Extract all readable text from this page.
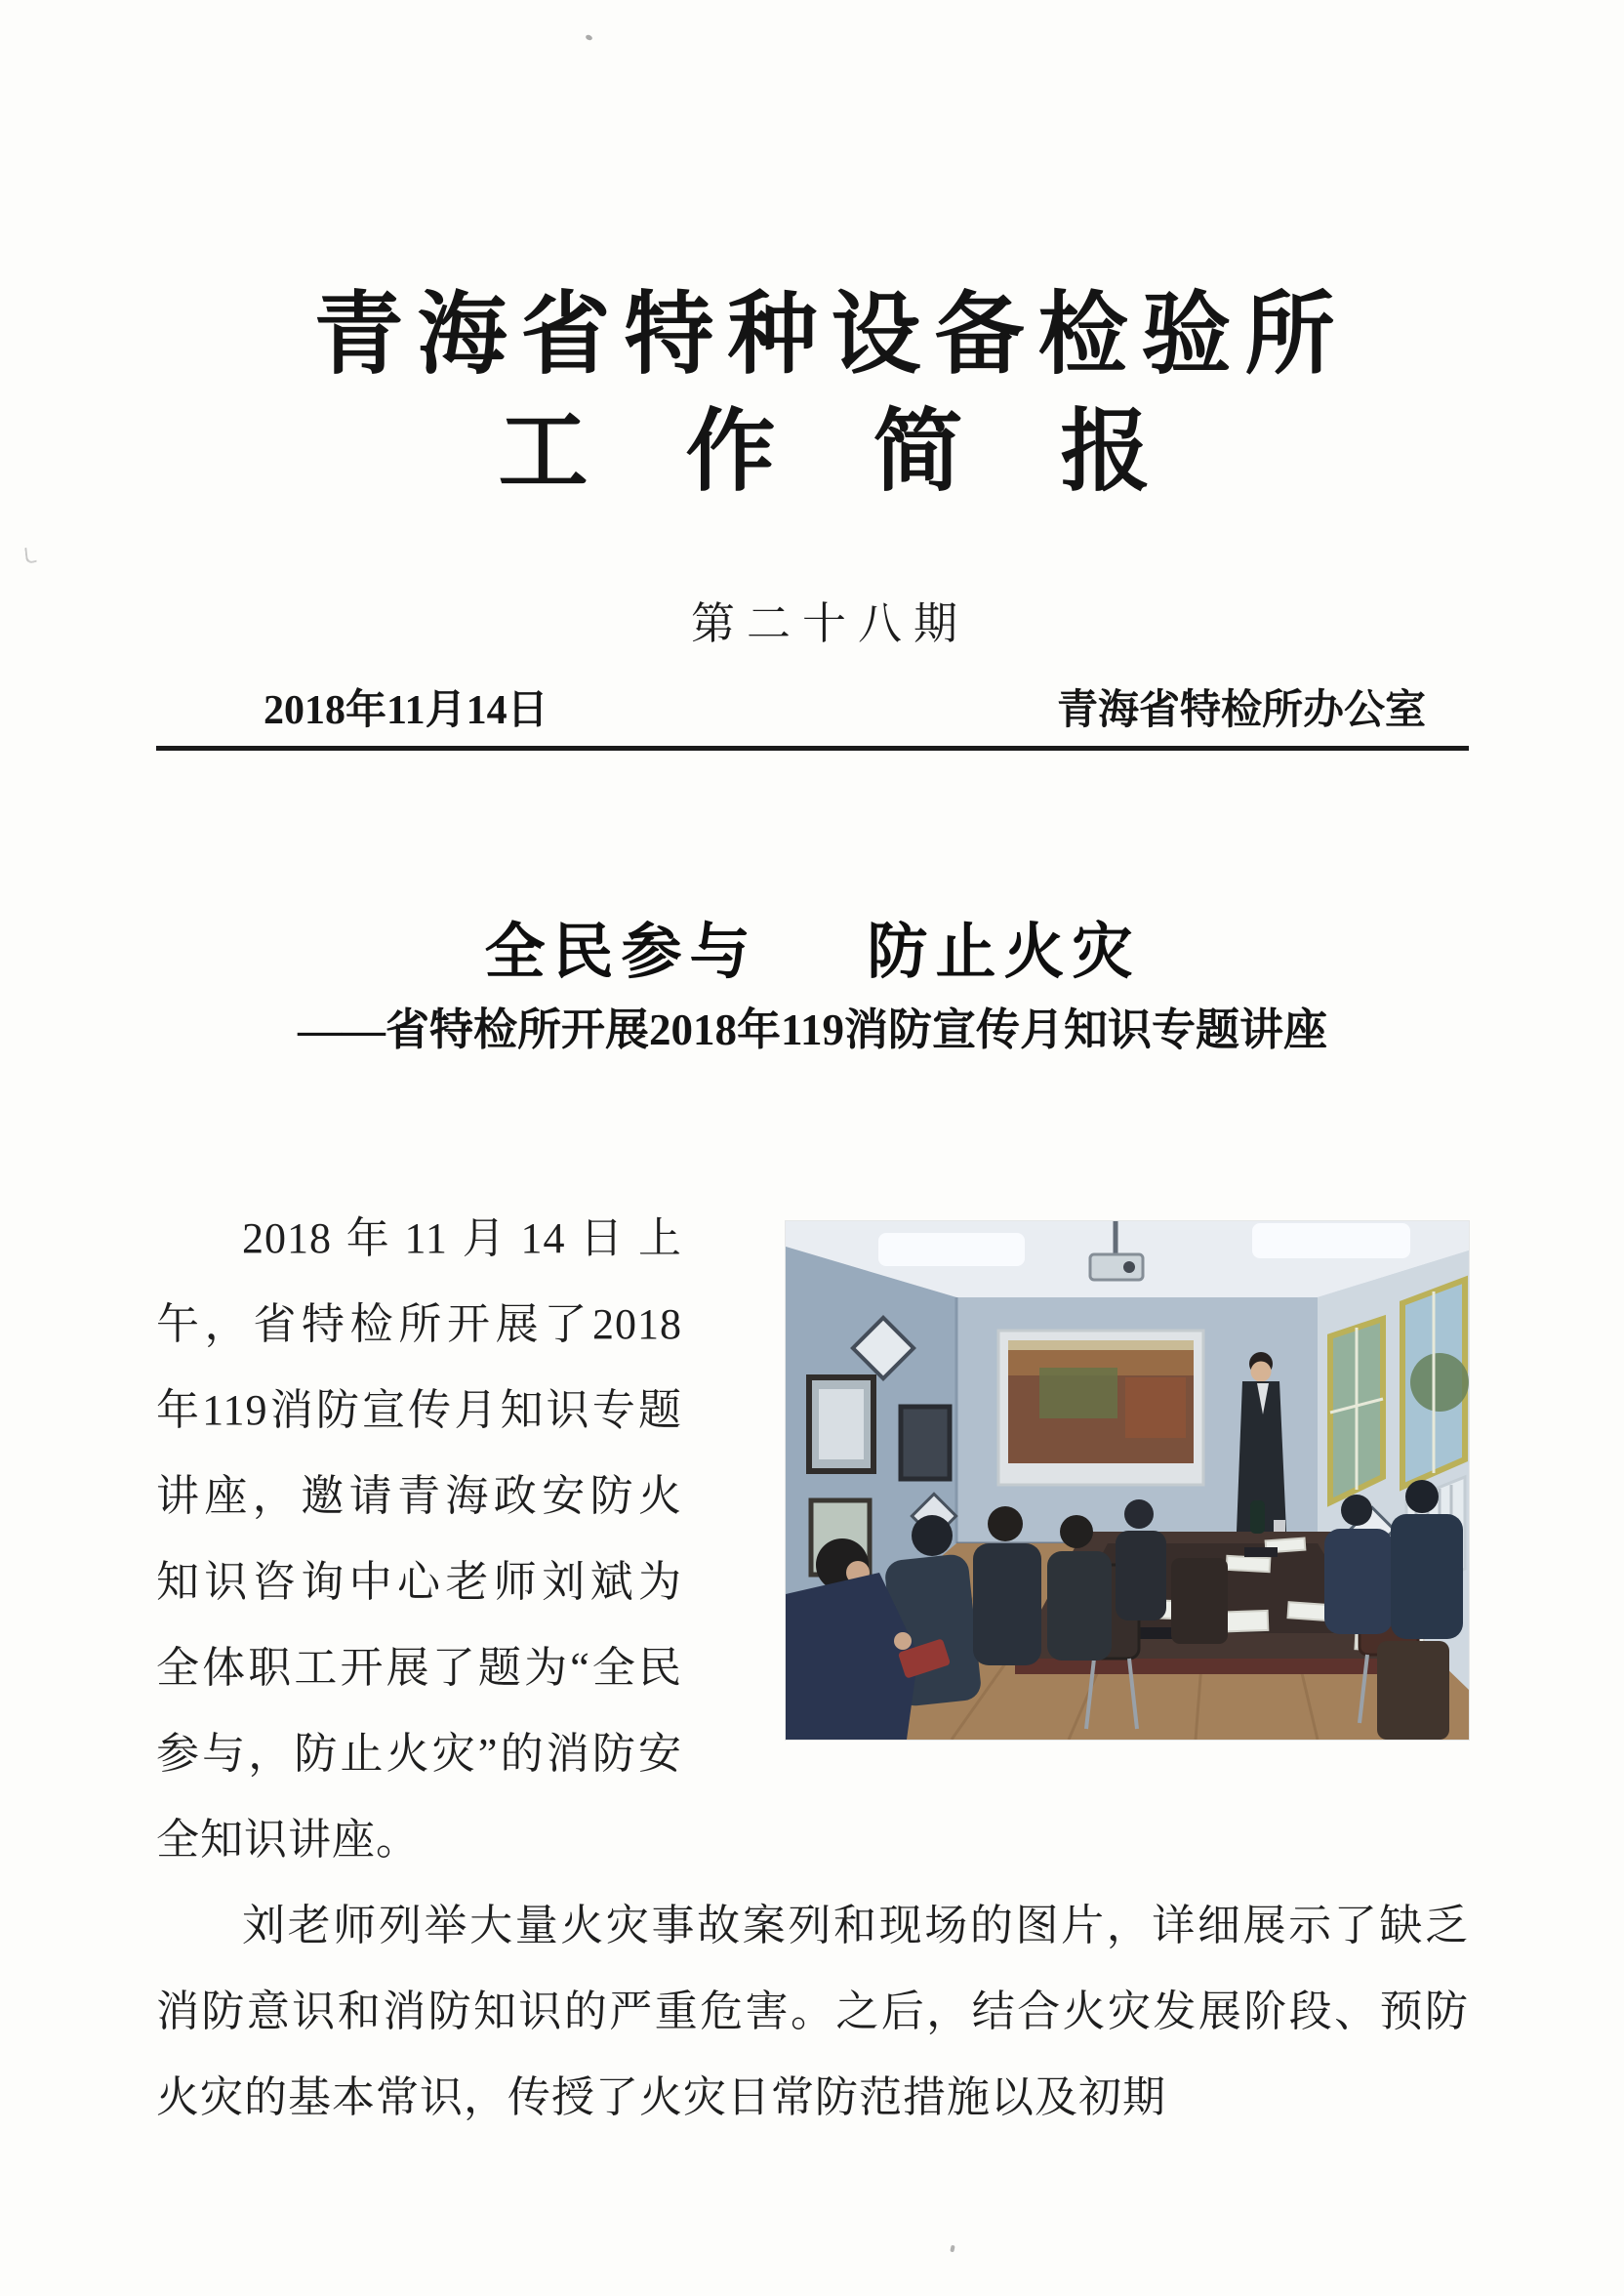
青海省特种设备检验所
工作简报
第二十八期
2018年11月14日	青海省特检所办公室
全民参与 防止火灾
——省特检所开展2018年119消防宣传月知识专题讲座

2018年11月14日上午，省特检所开展了2018年119消防宣传月知识专题讲座，邀请青海政安防火知识咨询中心老师刘斌为全体职工开展了题为“全民参与，防止火灾”的消防安全知识讲座。

刘老师列举大量火灾事故案列和现场的图片，详细展示了缺乏消防意识和消防知识的严重危害。之后，结合火灾发展阶段、预防火灾的基本常识，传授了火灾日常防范措施以及初期
